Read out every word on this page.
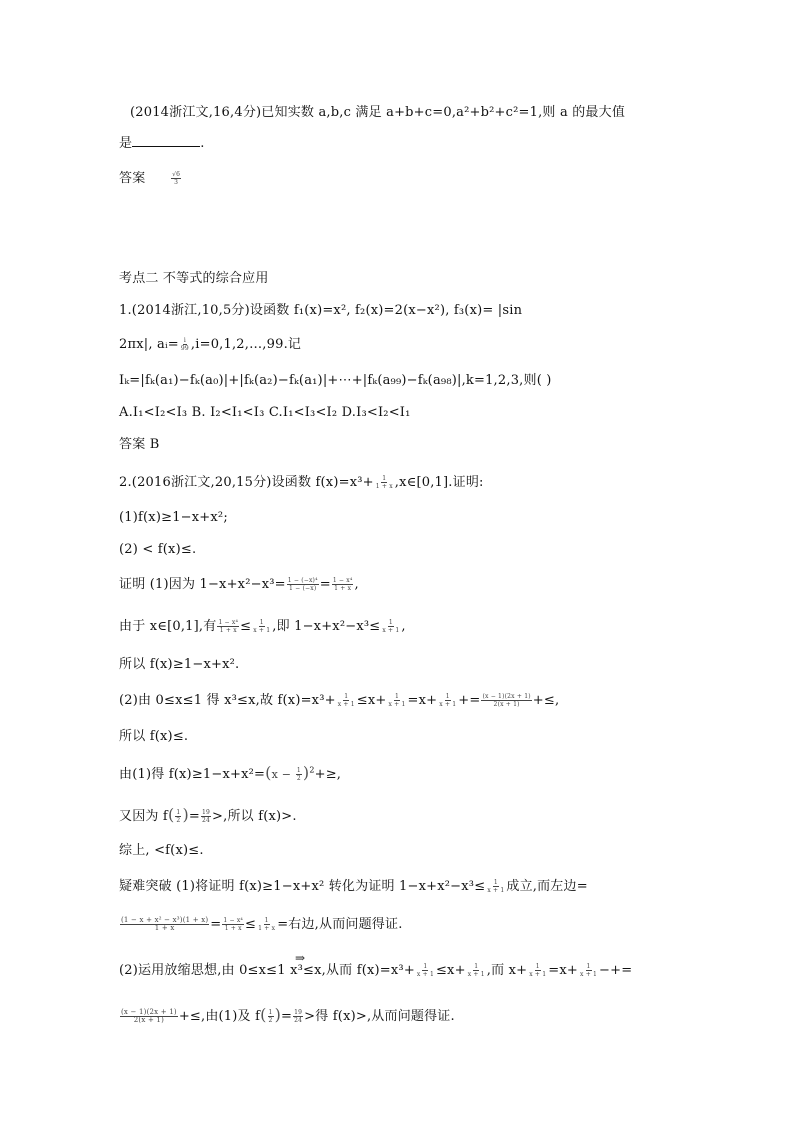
(2014浙江文,16,4分)已知实数 a,b,c 满足 a+b+c=0,a²+b²+c²=1,则 a 的最大值
是	.
答案	$\frac{√6}{3}$
考点二 不等式的综合应用
1.(2014浙江,10,5分)设函数 f₁(x)=x², f₂(x)=2(x−x²), f₃(x)= |sin
2πx|, aᵢ= $\frac{i}{99}$ ,i=0,1,2,…,99.记
Iₖ=|fₖ(a₁)−fₖ(a₀)|+|fₖ(a₂)−fₖ(a₁)|+⋯+|fₖ(a₉₉)−fₖ(a₉₈)|,k=1,2,3,则( )
A.I₁<I₂<I₃ B. I₂<I₁<I₃ C.I₁<I₃<I₂ D.I₃<I₂<I₁
答案 B
2.(2016浙江文,20,15分)设函数 $f(x)=x^3+ \frac{1}{1 + x}$ ,x∈[0,1].证明:
(1)f(x)≥1−x+x²;
(2) < f(x)≤.
证明 (1)因为 $1-x+x^2-x^3= \frac{\text{1 − (−x)⁴}}{1 - (-x)} = \frac{\text{1 − x⁴}}{1 + x}$ ,
由于 x∈[0,1],有 $\frac{\text{1 − x⁴}}{1 + x} \le \frac{1}{x + 1}$ ,即 $1-x+x^2-x^3\le \frac{1}{x + 1}$ ,
所以 f(x)≥1−x+x².
(2)由 0≤x≤1 得 x³≤x,故 $f(x)=x^3+ \frac{1}{x + 1} \le x+ \frac{1}{x + 1} =x+ \frac{1}{x + 1} += \frac{(x - 1)(2x + 1)}{2(x + 1)}$ +≤,
所以 f(x)≤.
由(1)得 $f(x)\ge 1-x+x^2=(x - \frac{1}{2} )^2+\ge$,
又因为 $f( \frac{1}{2}$ )= $\frac{19}{24}$ >,所以 f(x)>.
综上, <f(x)≤.
疑难突破 (1)将证明 f(x)≥1−x+x² 转化为证明 $1-x+x^2-x^3\le \frac{1}{x + 1}$ 成立,而左边=
$\frac{\text{(1 − x + x² − x³)(1 + x)}}{1 + x} = \frac{\text{1 − x⁴}}{1 + x} \le \frac{1}{1 + x}$ =右边,从而问题得证.
⇒
(2)运用放缩思想,由 0≤x≤1 x³≤x,从而 $f(x)=x^3+ \frac{1}{x + 1} \le x+ \frac{1}{x + 1}$ ,而 $x+ \frac{1}{x + 1} =x+ \frac{1}{x + 1}$ −+=
$\frac{(x - 1)(2x + 1)}{2(x + 1)}$ +≤,由(1)及 $f( \frac{1}{2}$ )= $\frac{19}{24}$ >得 f(x)>,从而问题得证.
